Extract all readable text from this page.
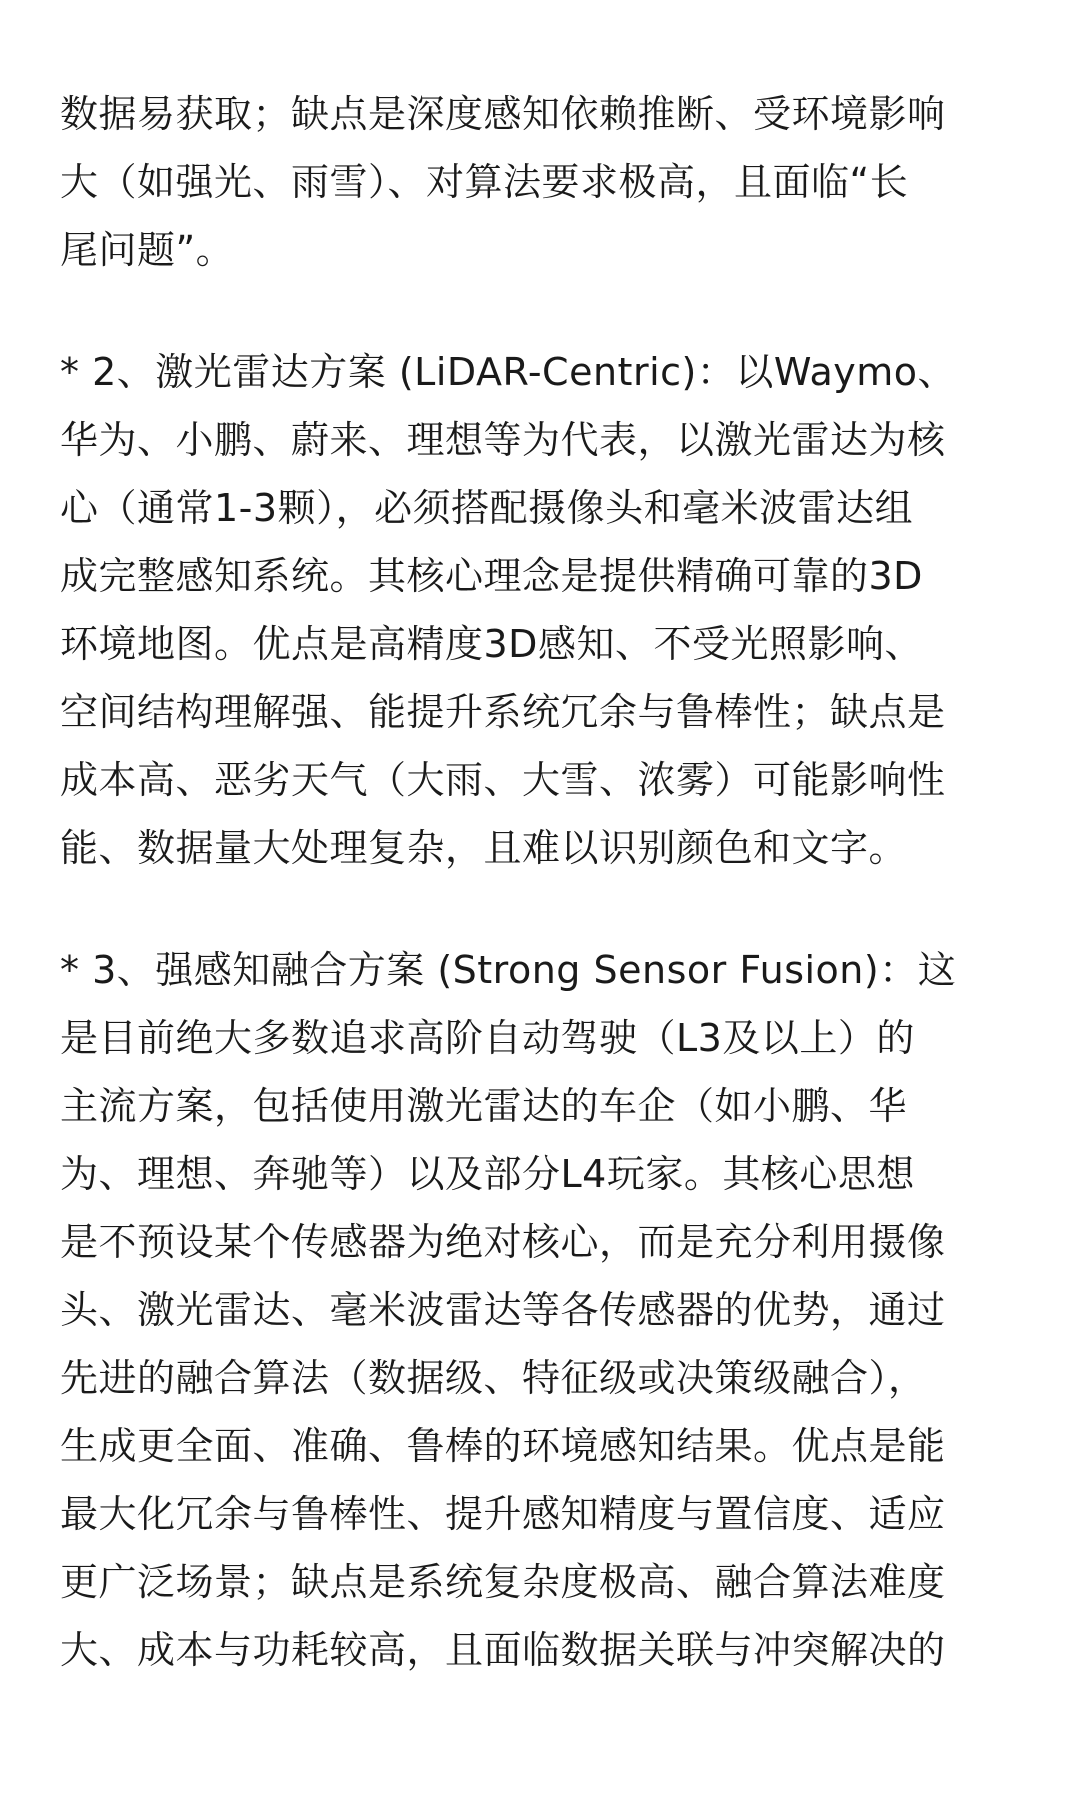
数据易获取；缺点是深度感知依赖推断、受环境影响
大（如强光、雨雪）、对算法要求极高，且面临“长
尾问题”。

* 2、激光雷达方案 (LiDAR-Centric)：以Waymo、
华为、小鹏、蔚来、理想等为代表，以激光雷达为核
心（通常1-3颗），必须搭配摄像头和毫米波雷达组
成完整感知系统。其核心理念是提供精确可靠的3D
环境地图。优点是高精度3D感知、不受光照影响、
空间结构理解强、能提升系统冗余与鲁棒性；缺点是
成本高、恶劣天气（大雨、大雪、浓雾）可能影响性
能、数据量大处理复杂，且难以识别颜色和文字。

* 3、强感知融合方案 (Strong Sensor Fusion)：这
是目前绝大多数追求高阶自动驾驶（L3及以上）的
主流方案，包括使用激光雷达的车企（如小鹏、华
为、理想、奔驰等）以及部分L4玩家。其核心思想
是不预设某个传感器为绝对核心，而是充分利用摄像
头、激光雷达、毫米波雷达等各传感器的优势，通过
先进的融合算法（数据级、特征级或决策级融合），
生成更全面、准确、鲁棒的环境感知结果。优点是能
最大化冗余与鲁棒性、提升感知精度与置信度、适应
更广泛场景；缺点是系统复杂度极高、融合算法难度
大、成本与功耗较高，且面临数据关联与冲突解决的
